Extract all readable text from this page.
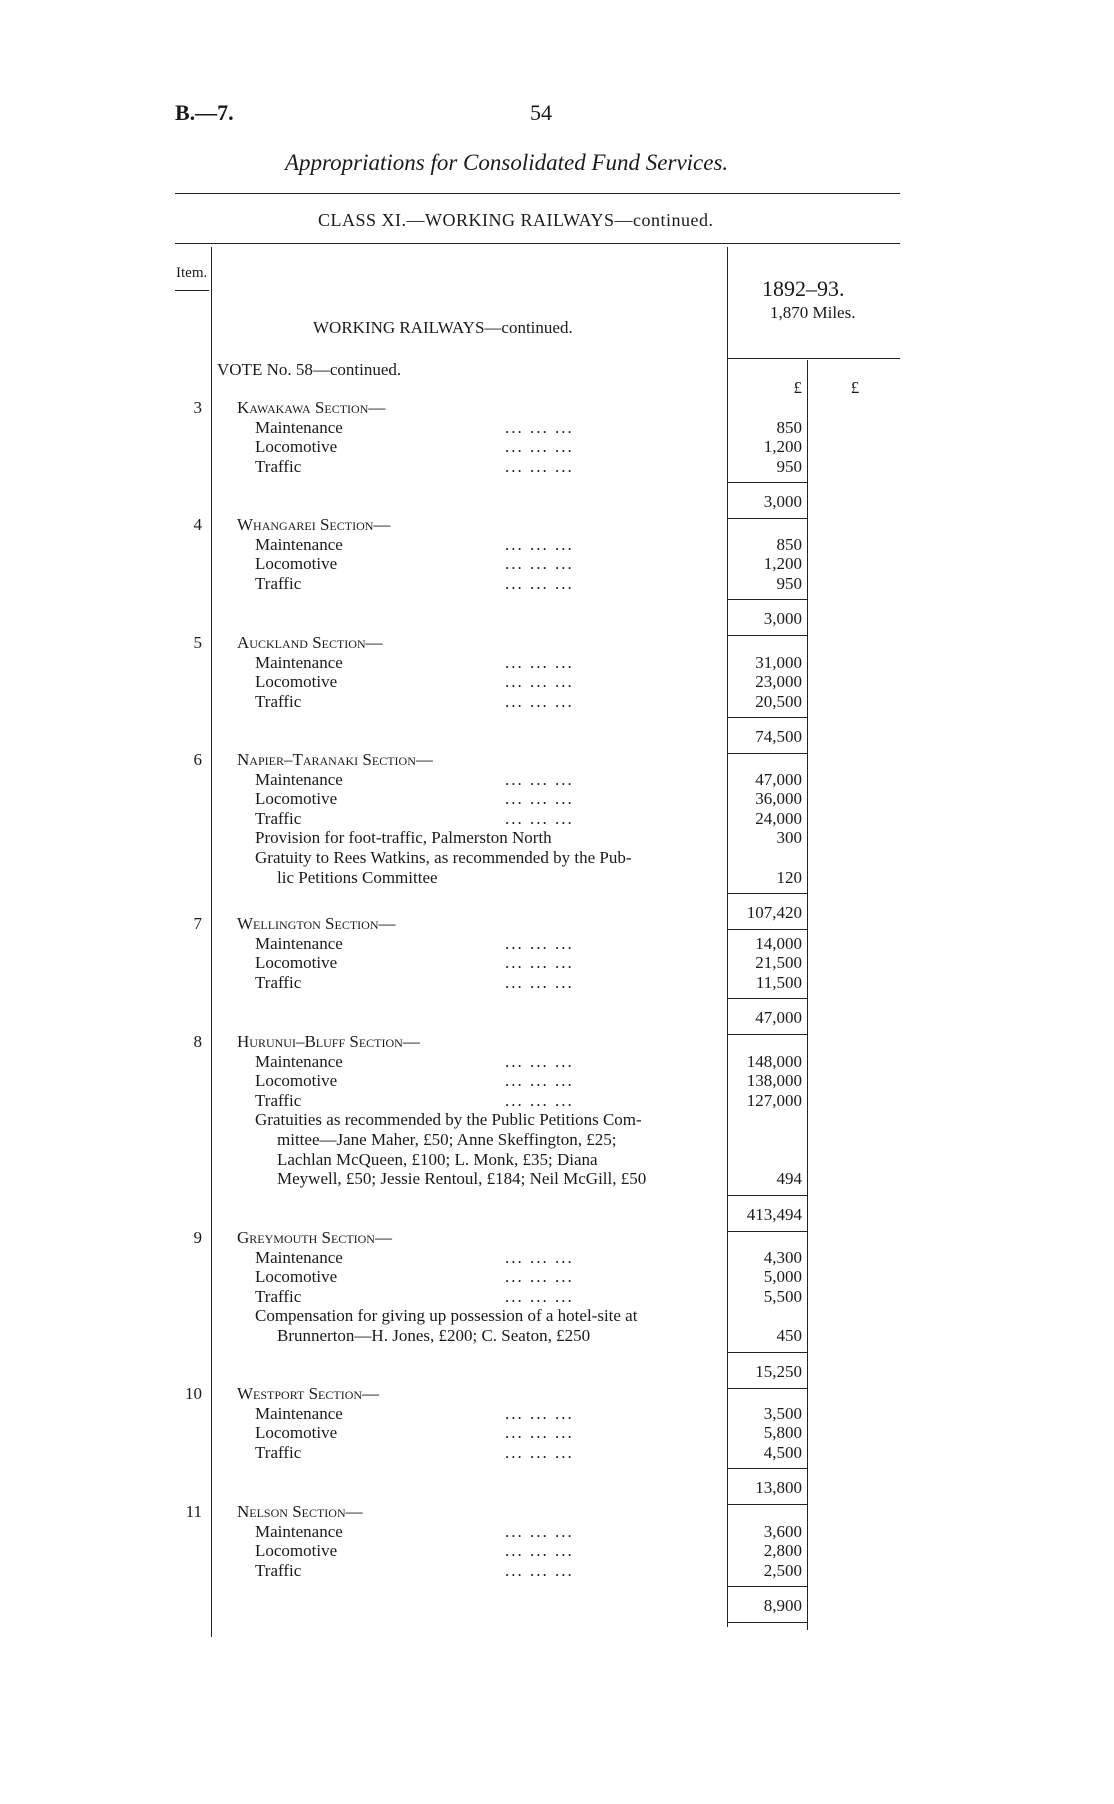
B.—7.	54
Appropriations for Consolidated Fund Services.
CLASS XI.—WORKING RAILWAYS—continued.
Item.
WORKING RAILWAYS—continued.
1892–93.
1,870 Miles.
VOTE No. 58—continued.
£	£
3 Kawakawa Section—
Maintenance	... ... ...	850
Locomotive	... ... ...	1,200
Traffic	... ... ...	950
3,000
4 Whangarei Section—
Maintenance	... ... ...	850
Locomotive	... ... ...	1,200
Traffic	... ... ...	950
3,000
5 Auckland Section—
Maintenance	... ... ...	31,000
Locomotive	... ... ...	23,000
Traffic	... ... ...	20,500
74,500
6 Napier–Taranaki Section—
Maintenance	... ... ...	47,000
Locomotive	... ... ...	36,000
Traffic	... ... ...	24,000
Provision for foot-traffic, Palmerston North	300
Gratuity to Rees Watkins, as recommended by the Pub-
lic Petitions Committee	120
107,420
7 Wellington Section—
Maintenance	... ... ...	14,000
Locomotive	... ... ...	21,500
Traffic	... ... ...	11,500
47,000
8 Hurunui–Bluff Section—
Maintenance	... ... ...	148,000
Locomotive	... ... ...	138,000
Traffic	... ... ...	127,000
Gratuities as recommended by the Public Petitions Com-
mittee—Jane Maher, £50; Anne Skeffington, £25;
Lachlan McQueen, £100; L. Monk, £35; Diana
Meywell, £50; Jessie Rentoul, £184; Neil McGill, £50	494
413,494
9 Greymouth Section—
Maintenance	... ... ...	4,300
Locomotive	... ... ...	5,000
Traffic	... ... ...	5,500
Compensation for giving up possession of a hotel-site at
Brunnerton—H. Jones, £200; C. Seaton, £250	450
15,250
10 Westport Section—
Maintenance	... ... ...	3,500
Locomotive	... ... ...	5,800
Traffic	... ... ...	4,500
13,800
11 Nelson Section—
Maintenance	... ... ...	3,600
Locomotive	... ... ...	2,800
Traffic	... ... ...	2,500
8,900
